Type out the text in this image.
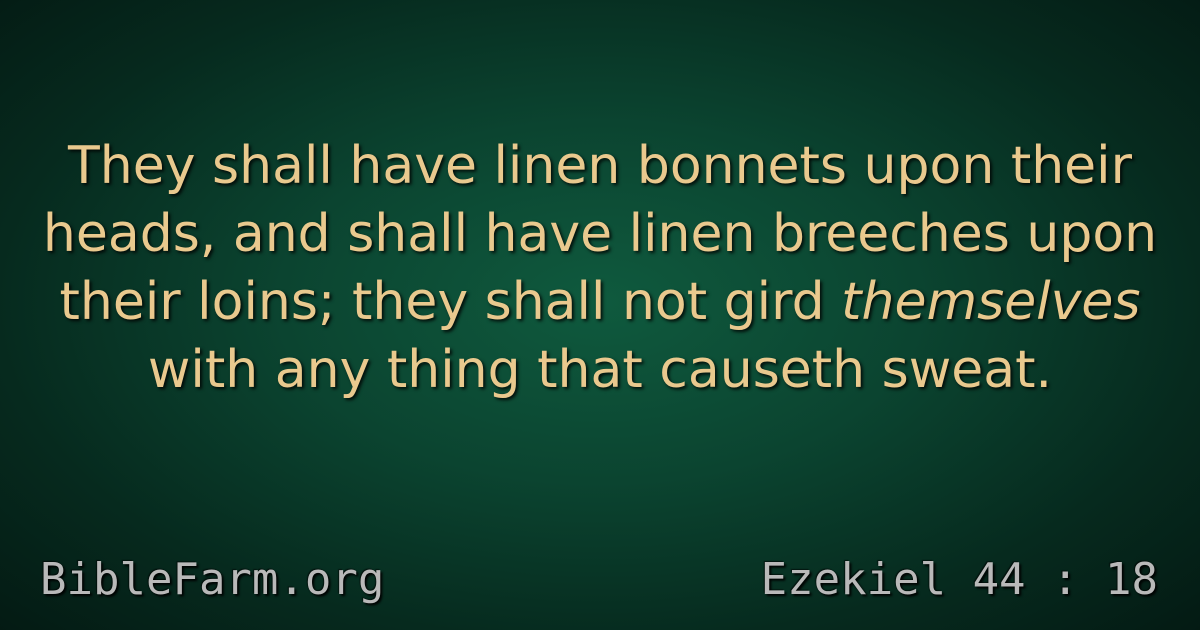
They shall have linen bonnets upon their
heads, and shall have linen breeches upon
their loins; they shall not gird themselves
with any thing that causeth sweat.
BibleFarm.org	Ezekiel 44 : 18
